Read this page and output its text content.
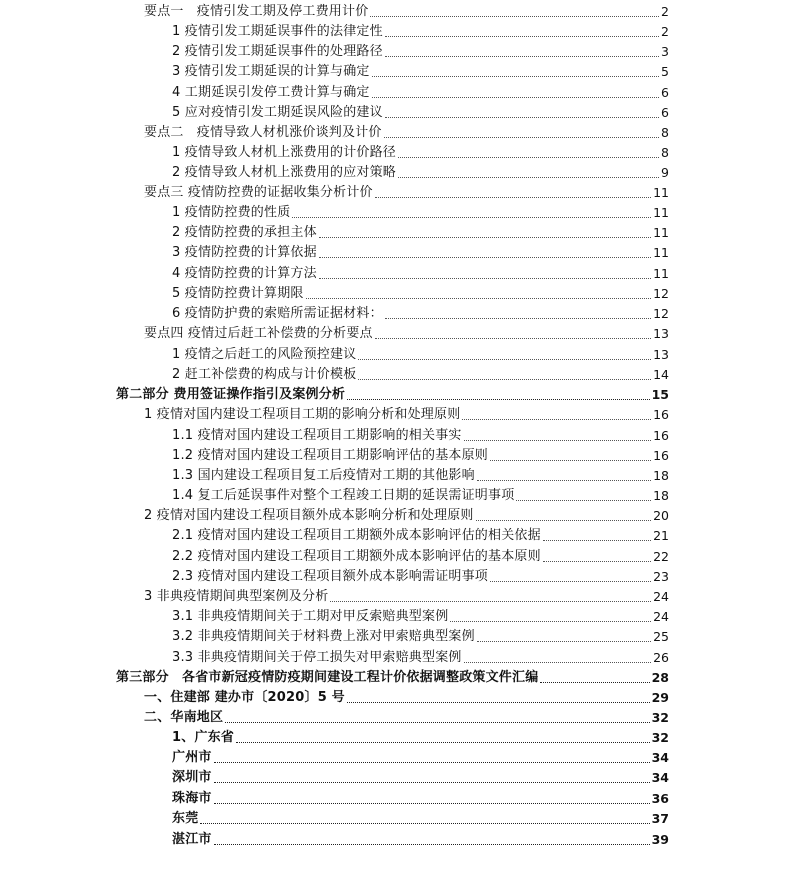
要点一　疫情引发工期及停工费用计价	2
1 疫情引发工期延误事件的法律定性	2
2 疫情引发工期延误事件的处理路径	3
3 疫情引发工期延误的计算与确定	5
4 工期延误引发停工费计算与确定	6
5 应对疫情引发工期延误风险的建议	6
要点二　疫情导致人材机涨价谈判及计价	8
1 疫情导致人材机上涨费用的计价路径	8
2 疫情导致人材机上涨费用的应对策略	9
要点三 疫情防控费的证据收集分析计价	11
1 疫情防控费的性质	11
2 疫情防控费的承担主体	11
3 疫情防控费的计算依据	11
4 疫情防控费的计算方法	11
5 疫情防控费计算期限	12
6 疫情防护费的索赔所需证据材料：	12
要点四 疫情过后赶工补偿费的分析要点	13
1 疫情之后赶工的风险预控建议	13
2 赶工补偿费的构成与计价模板	14
第二部分 费用签证操作指引及案例分析	15
1 疫情对国内建设工程项目工期的影响分析和处理原则	16
1.1 疫情对国内建设工程项目工期影响的相关事实	16
1.2 疫情对国内建设工程项目工期影响评估的基本原则	16
1.3 国内建设工程项目复工后疫情对工期的其他影响	18
1.4 复工后延误事件对整个工程竣工日期的延误需证明事项	18
2 疫情对国内建设工程项目额外成本影响分析和处理原则	20
2.1 疫情对国内建设工程项目工期额外成本影响评估的相关依据	21
2.2 疫情对国内建设工程项目工期额外成本影响评估的基本原则	22
2.3 疫情对国内建设工程项目额外成本影响需证明事项	23
3 非典疫情期间典型案例及分析	24
3.1 非典疫情期间关于工期对甲反索赔典型案例	24
3.2 非典疫情期间关于材料费上涨对甲索赔典型案例	25
3.3 非典疫情期间关于停工损失对甲索赔典型案例	26
第三部分　各省市新冠疫情防疫期间建设工程计价依据调整政策文件汇编	28
一、住建部 建办市〔2020〕5 号	29
二、华南地区	32
1、广东省	32
广州市	34
深圳市	34
珠海市	36
东莞	37
湛江市	39
